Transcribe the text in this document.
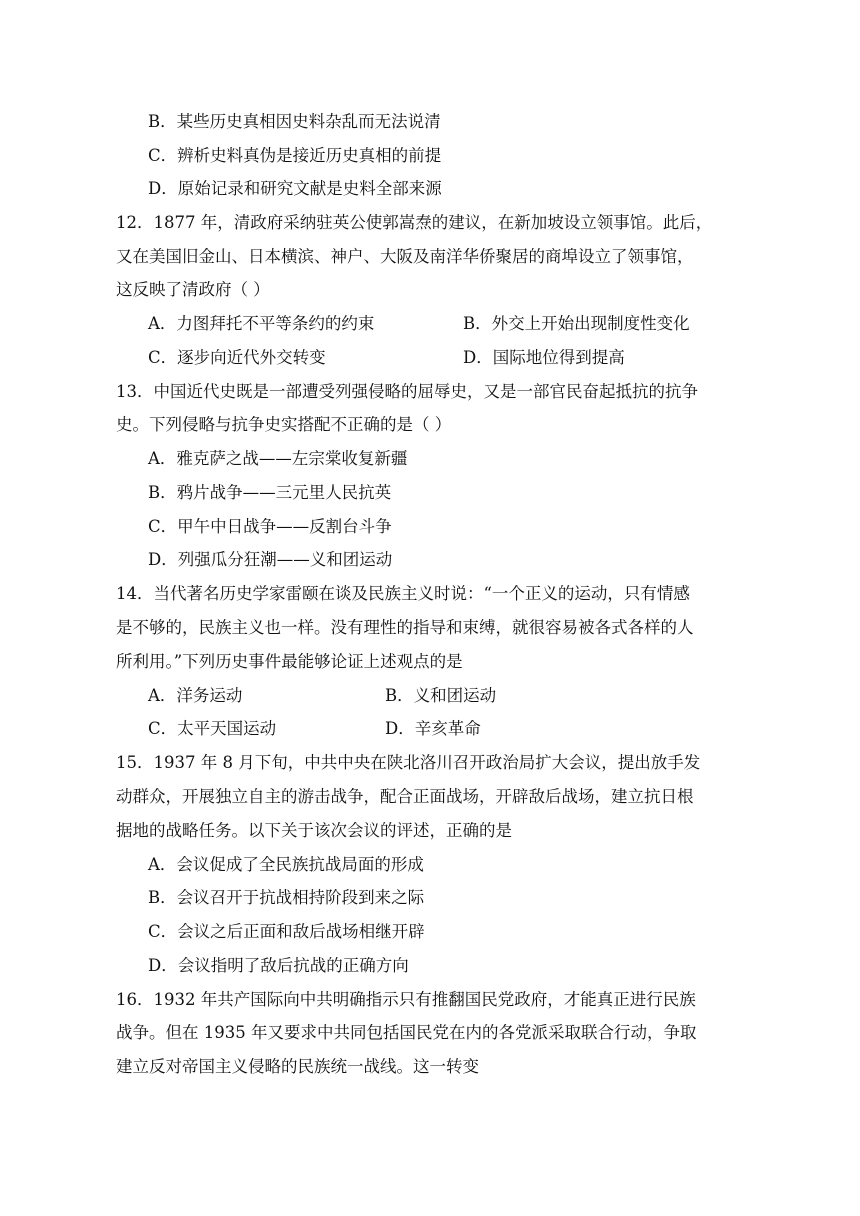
B．某些历史真相因史料杂乱而无法说清
C．辨析史料真伪是接近历史真相的前提
D．原始记录和研究文献是史料全部来源
12．1877 年，清政府采纳驻英公使郭嵩焘的建议，在新加坡设立领事馆。此后，
又在美国旧金山、日本横滨、神户、大阪及南洋华侨聚居的商埠设立了领事馆，
这反映了清政府（ ）
A．力图拜托不平等条约的约束	B．外交上开始出现制度性变化
C．逐步向近代外交转变	D．国际地位得到提高
13．中国近代史既是一部遭受列强侵略的屈辱史，又是一部官民奋起抵抗的抗争
史。下列侵略与抗争史实搭配不正确的是（ ）
A．雅克萨之战——左宗棠收复新疆
B．鸦片战争——三元里人民抗英
C．甲午中日战争——反割台斗争
D．列强瓜分狂潮——义和团运动
14．当代著名历史学家雷颐在谈及民族主义时说：“一个正义的运动，只有情感
是不够的，民族主义也一样。没有理性的指导和束缚，就很容易被各式各样的人
所利用。”下列历史事件最能够论证上述观点的是
A．洋务运动	B．义和团运动
C．太平天国运动	D．辛亥革命
15．1937 年 8 月下旬，中共中央在陕北洛川召开政治局扩大会议，提出放手发
动群众，开展独立自主的游击战争，配合正面战场，开辟敌后战场，建立抗日根
据地的战略任务。以下关于该次会议的评述，正确的是
A．会议促成了全民族抗战局面的形成
B．会议召开于抗战相持阶段到来之际
C．会议之后正面和敌后战场相继开辟
D．会议指明了敌后抗战的正确方向
16．1932 年共产国际向中共明确指示只有推翻国民党政府，才能真正进行民族
战争。但在 1935 年又要求中共同包括国民党在内的各党派采取联合行动，争取
建立反对帝国主义侵略的民族统一战线。这一转变
